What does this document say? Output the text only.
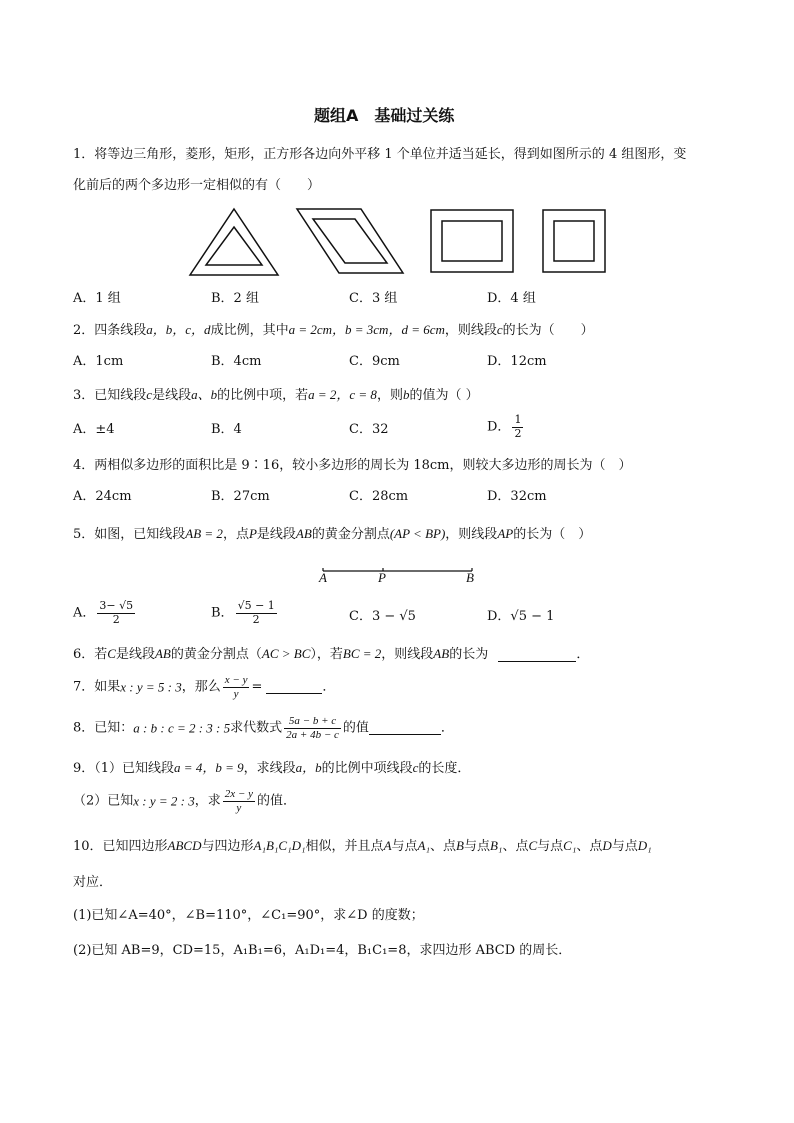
题组A　基础过关练
1．将等边三角形，菱形，矩形，正方形各边向外平移 1 个单位并适当延长，得到如图所示的 4 组图形，变
化前后的两个多边形一定相似的有（　　）
A．1 组	B．2 组	C．3 组	D．4 组
2．四条线段a，b，c，d成比例，其中a = 2cm，b = 3cm，d = 6cm，则线段c的长为（　　）
A．1cm	B．4cm	C．9cm	D．12cm
3．已知线段c是线段a、b的比例中项，若a = 2，c = 8，则b的值为（ ）
A．±4	B．4	C．32	D． $\frac{1}{2}$
4．两相似多边形的面积比是 9∶16，较小多边形的周长为 18cm，则较大多边形的周长为（　）
A．24cm	B．27cm	C．28cm	D．32cm
5．如图，已知线段AB = 2，点P是线段AB的黄金分割点(AP < BP)，则线段AP的长为（　）
A	P	B
A． $\frac{3- √5}{2}$	B． $\frac{√5 - 1}{2}$	C．3 − √5	D．√5 − 1
6．若C是线段AB的黄金分割点（AC > BC），若BC = 2，则线段AB的长为	．
7．如果x : y = 5 : 3，那么 $\frac{x - y}{y}$ =	．
8．已知：a : b : c = 2 : 3 : 5求代数式 $\frac{5a - b + c}{2a + 4b - c}$ 的值	．
9．（1）已知线段a = 4，b = 9，求线段a，b的比例中项线段c的长度．
（2）已知x : y = 2 : 3，求 $\frac{2x - y}{y}$ 的值．
10．已知四边形ABCD与四边形A₁B₁C₁D₁相似，并且点A与点A₁、点B与点B₁、点C与点C₁、点D与点D₁
对应．
(1)已知∠A=40°，∠B=110°，∠C₁=90°，求∠D 的度数；
(2)已知 AB=9，CD=15，A₁B₁=6，A₁D₁=4，B₁C₁=8，求四边形 ABCD 的周长．
